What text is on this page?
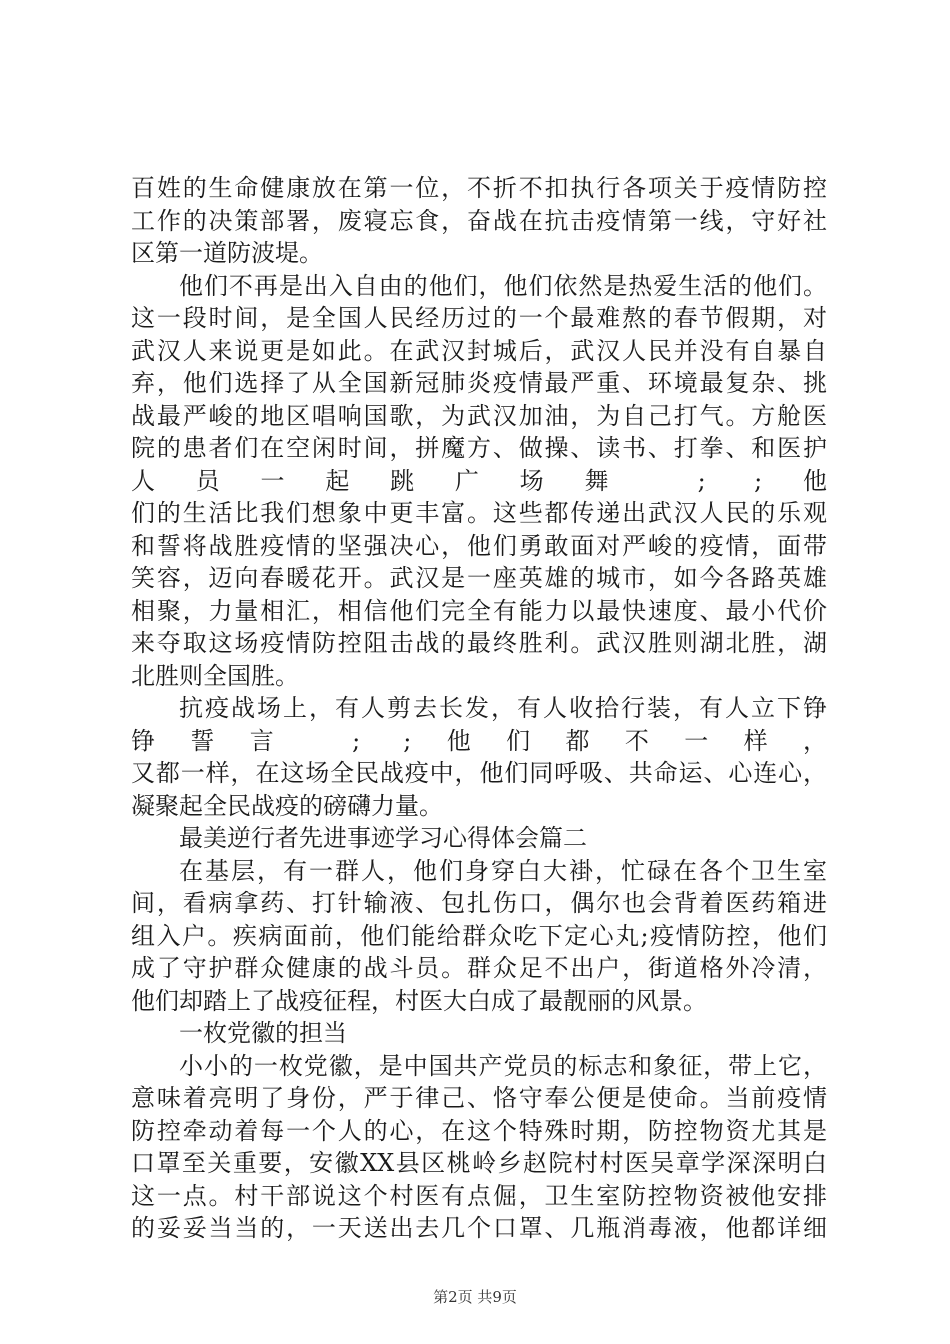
百姓的生命健康放在第一位，不折不扣执行各项关于疫情防控
工作的决策部署，废寝忘食，奋战在抗击疫情第一线，守好社
区第一道防波堤。
他们不再是出入自由的他们，他们依然是热爱生活的他们。
这一段时间，是全国人民经历过的一个最难熬的春节假期，对
武汉人来说更是如此。在武汉封城后，武汉人民并没有自暴自
弃，他们选择了从全国新冠肺炎疫情最严重、环境最复杂、挑
战最严峻的地区唱响国歌，为武汉加油，为自己打气。方舱医
院的患者们在空闲时间，拼魔方、做操、读书、打拳、和医护
人员一起跳广场舞 ; ;他
们的生活比我们想象中更丰富。这些都传递出武汉人民的乐观
和誓将战胜疫情的坚强决心，他们勇敢面对严峻的疫情，面带
笑容，迈向春暖花开。武汉是一座英雄的城市，如今各路英雄
相聚，力量相汇，相信他们完全有能力以最快速度、最小代价
来夺取这场疫情防控阻击战的最终胜利。武汉胜则湖北胜，湖
北胜则全国胜。
抗疫战场上，有人剪去长发，有人收拾行装，有人立下铮
铮誓言 ; ;他们都不一样，
又都一样，在这场全民战疫中，他们同呼吸、共命运、心连心，
凝聚起全民战疫的磅礴力量。
最美逆行者先进事迹学习心得体会篇二
在基层，有一群人，他们身穿白大褂，忙碌在各个卫生室
间，看病拿药、打针输液、包扎伤口，偶尔也会背着医药箱进
组入户。疾病面前，他们能给群众吃下定心丸;疫情防控，他们
成了守护群众健康的战斗员。群众足不出户，街道格外冷清，
他们却踏上了战疫征程，村医大白成了最靓丽的风景。
一枚党徽的担当
小小的一枚党徽，是中国共产党员的标志和象征，带上它，
意味着亮明了身份，严于律己、恪守奉公便是使命。当前疫情
防控牵动着每一个人的心，在这个特殊时期，防控物资尤其是
口罩至关重要，安徽XX县区桃岭乡赵院村村医吴章学深深明白
这一点。村干部说这个村医有点倔，卫生室防控物资被他安排
的妥妥当当的，一天送出去几个口罩、几瓶消毒液，他都详细
第2页 共9页
